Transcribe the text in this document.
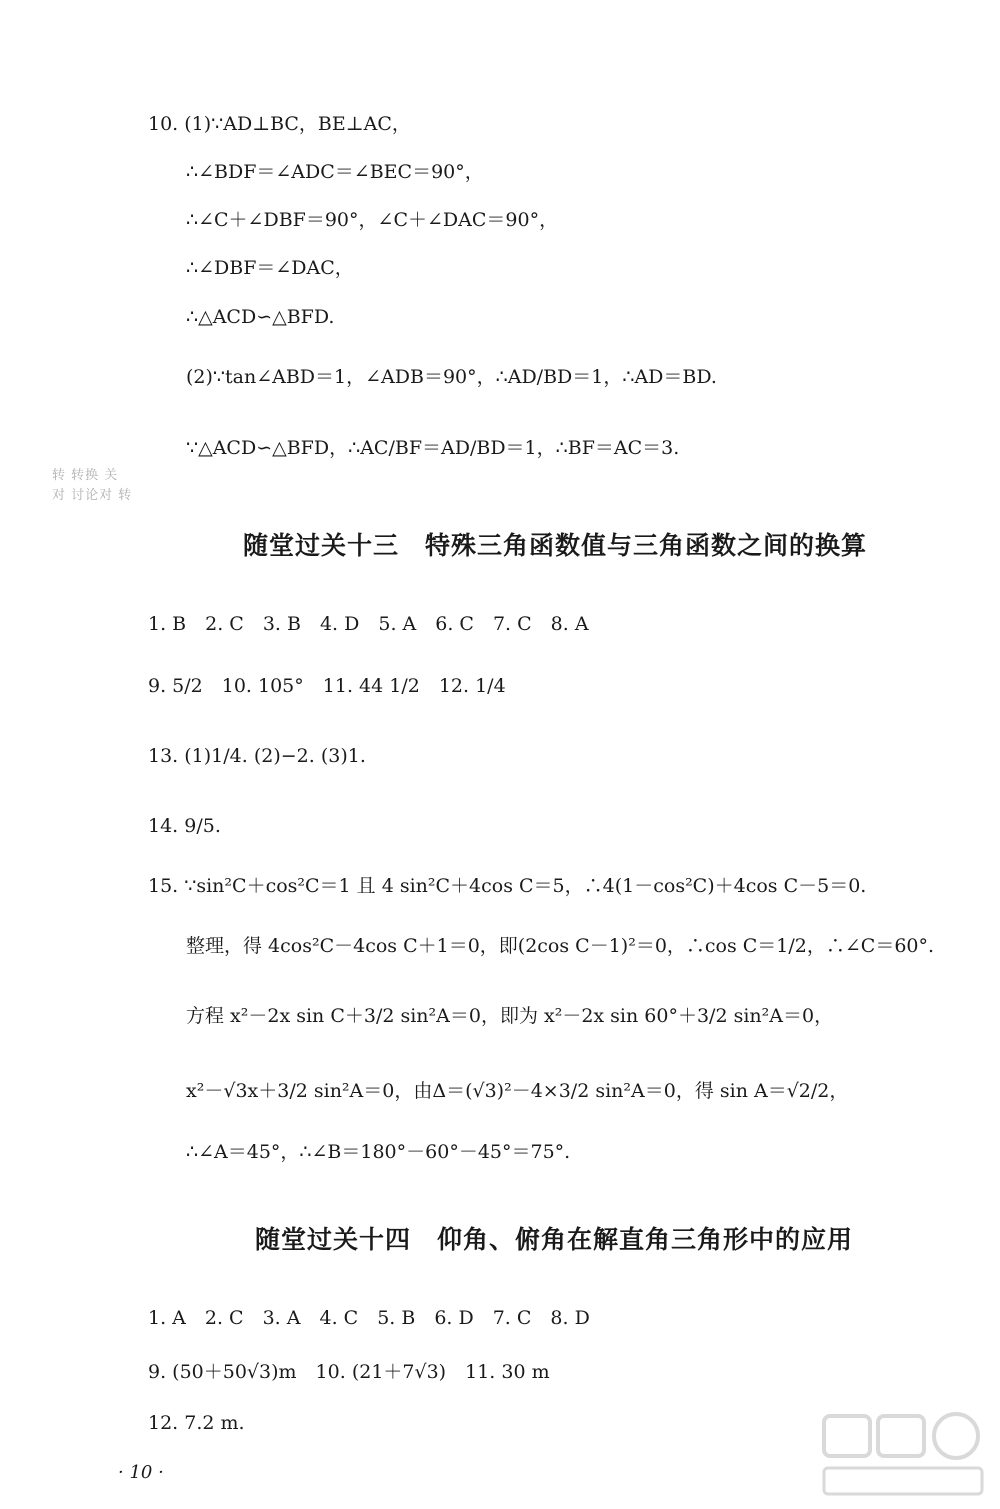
10. (1)∵AD⊥BC，BE⊥AC，
∴∠BDF＝∠ADC＝∠BEC＝90°，
∴∠C＋∠DBF＝90°，∠C＋∠DAC＝90°，
∴∠DBF＝∠DAC，
∴△ACD∽△BFD.
(2)∵tan∠ABD＝1，∠ADB＝90°，∴AD/BD＝1，∴AD＝BD.
∵△ACD∽△BFD，∴AC/BF＝AD/BD＝1，∴BF＝AC＝3.
转 转换 关
对 讨论对 转
随堂过关十三　特殊三角函数值与三角函数之间的换算
1. B　2. C　3. B　4. D　5. A　6. C　7. C　8. A
9. 5/2　10. 105°　11. 44 1/2　12. 1/4
13. (1)1/4. (2)−2. (3)1.
14. 9/5.
15. ∵sin²C＋cos²C＝1 且 4 sin²C＋4cos C＝5，∴4(1－cos²C)＋4cos C－5＝0.
整理，得 4cos²C－4cos C＋1＝0，即(2cos C－1)²＝0，∴cos C＝1/2，∴∠C＝60°.
方程 x²－2x sin C＋3/2 sin²A＝0，即为 x²－2x sin 60°＋3/2 sin²A＝0，
x²－√3x＋3/2 sin²A＝0，由Δ＝(√3)²－4×3/2 sin²A＝0，得 sin A＝√2/2，
∴∠A＝45°，∴∠B＝180°－60°－45°＝75°.
随堂过关十四　仰角、俯角在解直角三角形中的应用
1. A　2. C　3. A　4. C　5. B　6. D　7. C　8. D
9. (50＋50√3)m　10. (21＋7√3)　11. 30 m
12. 7.2 m.
· 10 ·
